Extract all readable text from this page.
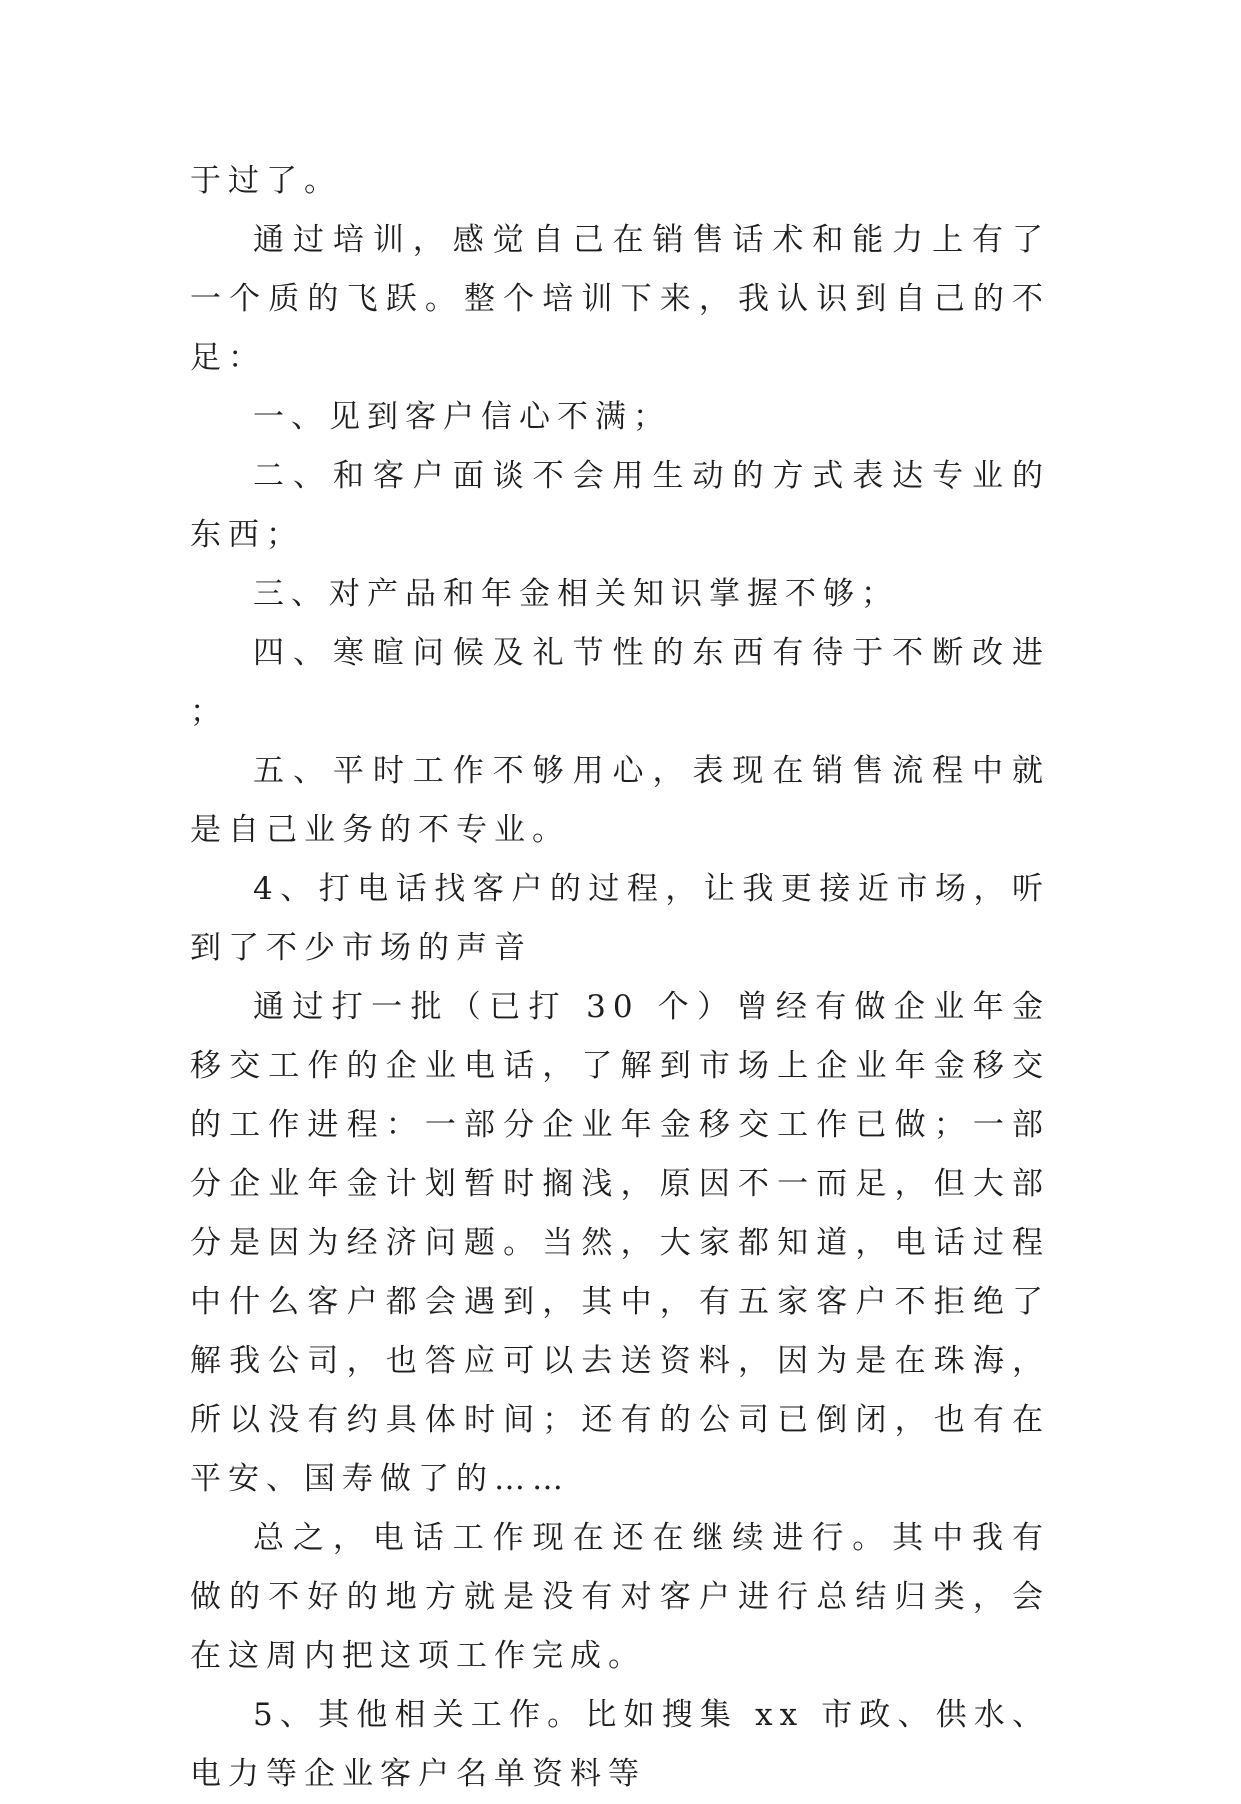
于过了。

通过培训，感觉自己在销售话术和能力上有了一个质的飞跃。整个培训下来，我认识到自己的不足：

一、见到客户信心不满；

二、和客户面谈不会用生动的方式表达专业的东西；

三、对产品和年金相关知识掌握不够；

四、寒暄问候及礼节性的东西有待于不断改进；

五、平时工作不够用心，表现在销售流程中就是自己业务的不专业。

4、打电话找客户的过程，让我更接近市场，听到了不少市场的声音

通过打一批（已打 30 个）曾经有做企业年金移交工作的企业电话，了解到市场上企业年金移交的工作进程：一部分企业年金移交工作已做；一部分企业年金计划暂时搁浅，原因不一而足，但大部分是因为经济问题。当然，大家都知道，电话过程中什么客户都会遇到，其中，有五家客户不拒绝了解我公司，也答应可以去送资料，因为是在珠海，所以没有约具体时间；还有的公司已倒闭，也有在平安、国寿做了的……

总之，电话工作现在还在继续进行。其中我有做的不好的地方就是没有对客户进行总结归类，会在这周内把这项工作完成。

5、其他相关工作。比如搜集 xx 市政、供水、电力等企业客户名单资料等
